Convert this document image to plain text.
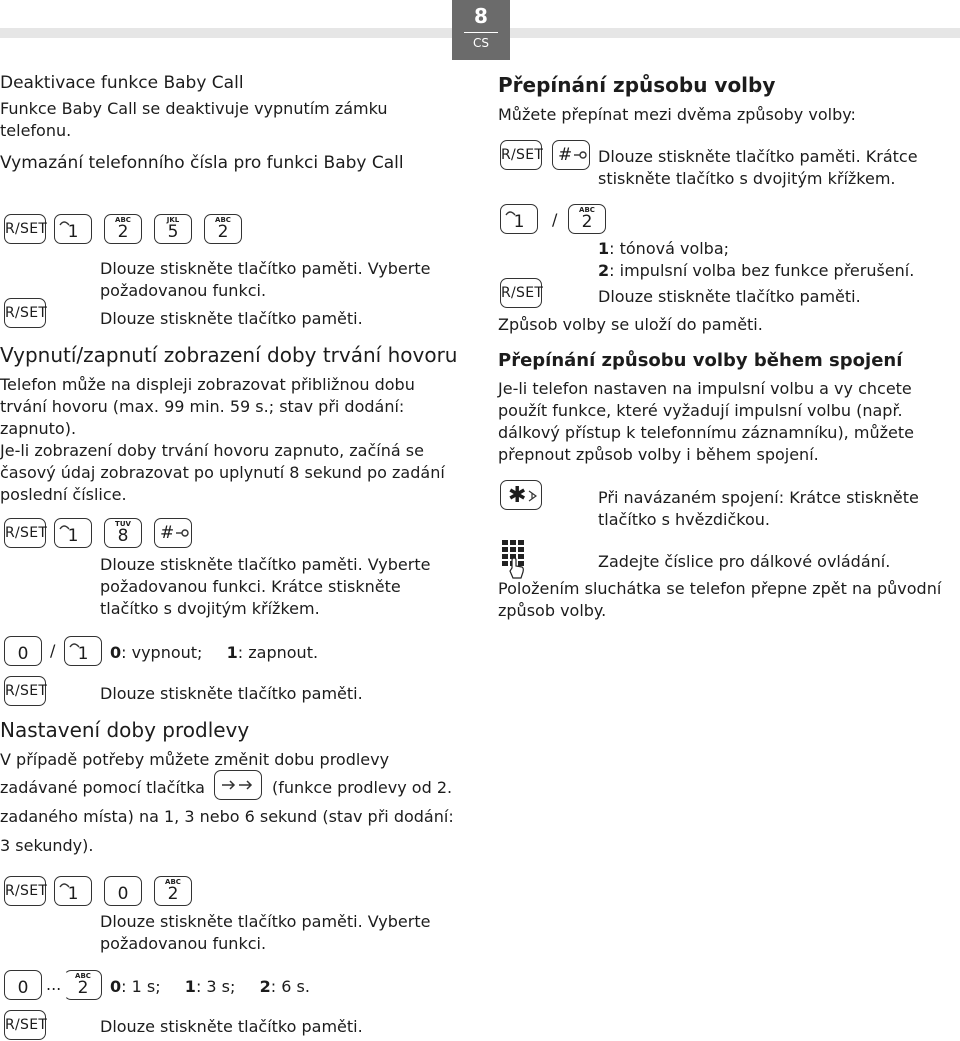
8
CS
Deaktivace funkce Baby Call
Funkce Baby Call se deaktivuje vypnutím zámku
telefonu.
Vymazání telefonního čísla pro funkci Baby Call
R/SET	1
ABC
2
JKL
5
ABC
2
Dlouze stiskněte tlačítko paměti. Vyberte
požadovanou funkci.
R/SET	Dlouze stiskněte tlačítko paměti.
Vypnutí/zapnutí zobrazení doby trvání hovoru
Telefon může na displeji zobrazovat přibližnou dobu
trvání hovoru (max. 99 min. 59 s.; stav při dodání:
zapnuto).
Je-li zobrazení doby trvání hovoru zapnuto, začíná se
časový údaj zobrazovat po uplynutí 8 sekund po zadání
poslední číslice.
R/SET	1
TUV
8	#
Dlouze stiskněte tlačítko paměti. Vyberte
požadovanou funkci. Krátce stiskněte
tlačítko s dvojitým křížkem.
0	/	1	0: vypnout; 1: zapnout.
R/SET	Dlouze stiskněte tlačítko paměti.
Nastavení doby prodlevy
V případě potřeby můžete změnit dobu prodlevy
zadávané pomocí tlačítka	(funkce prodlevy od 2.
zadaného místa) na 1, 3 nebo 6 sekund (stav při dodání:
3 sekundy).
R/SET	1	0
ABC
2
Dlouze stiskněte tlačítko paměti. Vyberte
požadovanou funkci.
0	...	ABC
2	0: 1 s; 1: 3 s; 2: 6 s.
R/SET	Dlouze stiskněte tlačítko paměti.
Přepínání způsobu volby
Můžete přepínat mezi dvěma způsoby volby:
R/SET # Dlouze stiskněte tlačítko paměti. Krátce
stiskněte tlačítko s dvojitým křížkem.
1	/	ABC
2
1: tónová volba;
2: impulsní volba bez funkce přerušení.
R/SET	Dlouze stiskněte tlačítko paměti.
Způsob volby se uloží do paměti.
Přepínání způsobu volby během spojení
Je-li telefon nastaven na impulsní volbu a vy chcete
použít funkce, které vyžadují impulsní volbu (např.
dálkový přístup k telefonnímu záznamníku), můžete
přepnout způsob volby i během spojení.
✱	Při navázaném spojení: Krátce stiskněte
tlačítko s hvězdičkou.
Zadejte číslice pro dálkové ovládání.
Položením sluchátka se telefon přepne zpět na původní
způsob volby.
